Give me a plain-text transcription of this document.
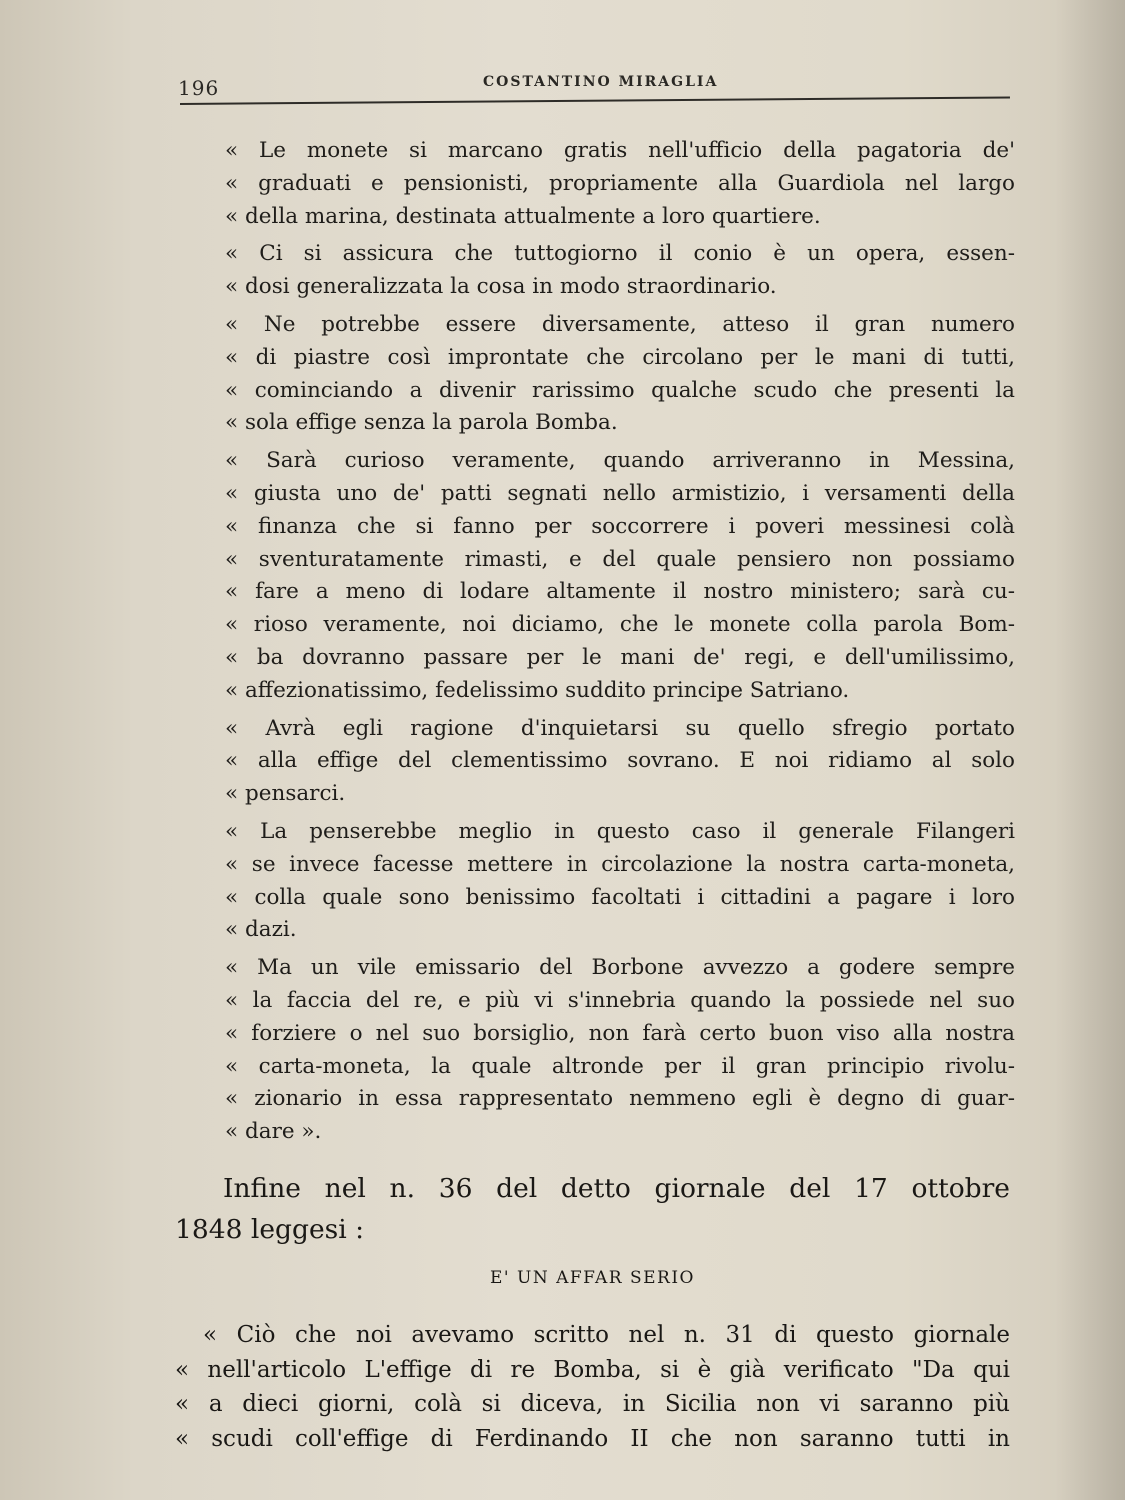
196	COSTANTINO MIRAGLIA

« Le monete si marcano gratis nell'ufficio della pagatoria de'
« graduati e pensionisti, propriamente alla Guardiola nel largo
« della marina, destinata attualmente a loro quartiere.

« Ci si assicura che tuttogiorno il conio è un opera, essen-
« dosi generalizzata la cosa in modo straordinario.

« Ne potrebbe essere diversamente, atteso il gran numero
« di piastre così improntate che circolano per le mani di tutti,
« cominciando a divenir rarissimo qualche scudo che presenti la
« sola effige senza la parola Bomba.

« Sarà curioso veramente, quando arriveranno in Messina,
« giusta uno de' patti segnati nello armistizio, i versamenti della
« finanza che si fanno per soccorrere i poveri messinesi colà
« sventuratamente rimasti, e del quale pensiero non possiamo
« fare a meno di lodare altamente il nostro ministero; sarà cu-
« rioso veramente, noi diciamo, che le monete colla parola Bom-
« ba dovranno passare per le mani de' regi, e dell'umilissimo,
« affezionatissimo, fedelissimo suddito principe Satriano.

« Avrà egli ragione d'inquietarsi su quello sfregio portato
« alla effige del clementissimo sovrano. E noi ridiamo al solo
« pensarci.

« La penserebbe meglio in questo caso il generale Filangeri
« se invece facesse mettere in circolazione la nostra carta-moneta,
« colla quale sono benissimo facoltati i cittadini a pagare i loro
« dazi.

« Ma un vile emissario del Borbone avvezzo a godere sempre
« la faccia del re, e più vi s'innebria quando la possiede nel suo
« forziere o nel suo borsiglio, non farà certo buon viso alla nostra
« carta-moneta, la quale altronde per il gran principio rivolu-
« zionario in essa rappresentato nemmeno egli è degno di guar-
« dare ».

Infine nel n. 36 del detto giornale del 17 ottobre
1848 leggesi :
E' UN AFFAR SERIO
« Ciò che noi avevamo scritto nel n. 31 di questo giornale
« nell'articolo L'effige di re Bomba, si è già verificato "Da qui
« a dieci giorni, colà si diceva, in Sicilia non vi saranno più
« scudi coll'effige di Ferdinando II che non saranno tutti in
